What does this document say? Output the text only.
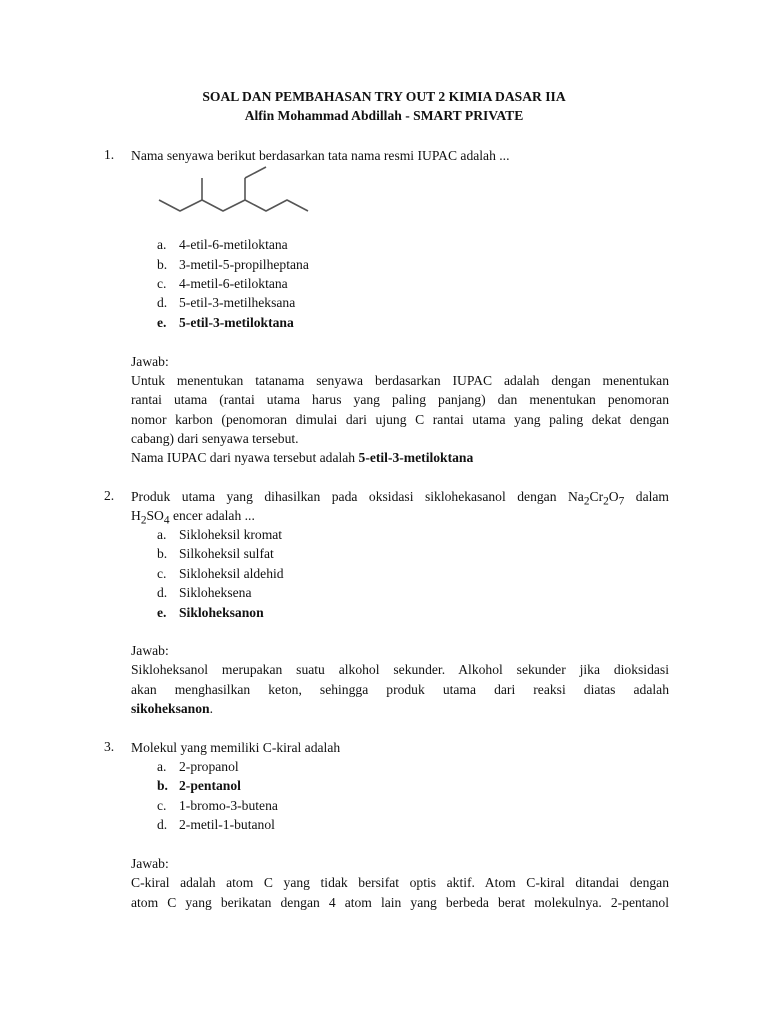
SOAL DAN PEMBAHASAN TRY OUT 2 KIMIA DASAR IIA
Alfin Mohammad Abdillah - SMART PRIVATE
1. Nama senyawa berikut berdasarkan tata nama resmi IUPAC adalah ...
a. 4-etil-6-metiloktana
b. 3-metil-5-propilheptana
c. 4-metil-6-etiloktana
d. 5-etil-3-metilheksana
e. 5-etil-3-metiloktana
Jawab:
Untuk menentukan tatanama senyawa berdasarkan IUPAC adalah dengan menentukan
rantai utama (rantai utama harus yang paling panjang) dan menentukan penomoran
nomor karbon (penomoran dimulai dari ujung C rantai utama yang paling dekat dengan
cabang) dari senyawa tersebut.
Nama IUPAC dari nyawa tersebut adalah 5-etil-3-metiloktana
2. Produk utama yang dihasilkan pada oksidasi siklohekasanol dengan $Na_2Cr_2O_7$ dalam
$H_2SO_4$ encer adalah ...
a. Sikloheksil kromat
b. Silkoheksil sulfat
c. Sikloheksil aldehid
d. Sikloheksena
e. Sikloheksanon
Jawab:
Sikloheksanol merupakan suatu alkohol sekunder. Alkohol sekunder jika dioksidasi
akan menghasilkan keton, sehingga produk utama dari reaksi diatas adalah
sikoheksanon.
3. Molekul yang memiliki C-kiral adalah
a. 2-propanol
b. 2-pentanol
c. 1-bromo-3-butena
d. 2-metil-1-butanol
Jawab:
C-kiral adalah atom C yang tidak bersifat optis aktif. Atom C-kiral ditandai dengan
atom C yang berikatan dengan 4 atom lain yang berbeda berat molekulnya. 2-pentanol
